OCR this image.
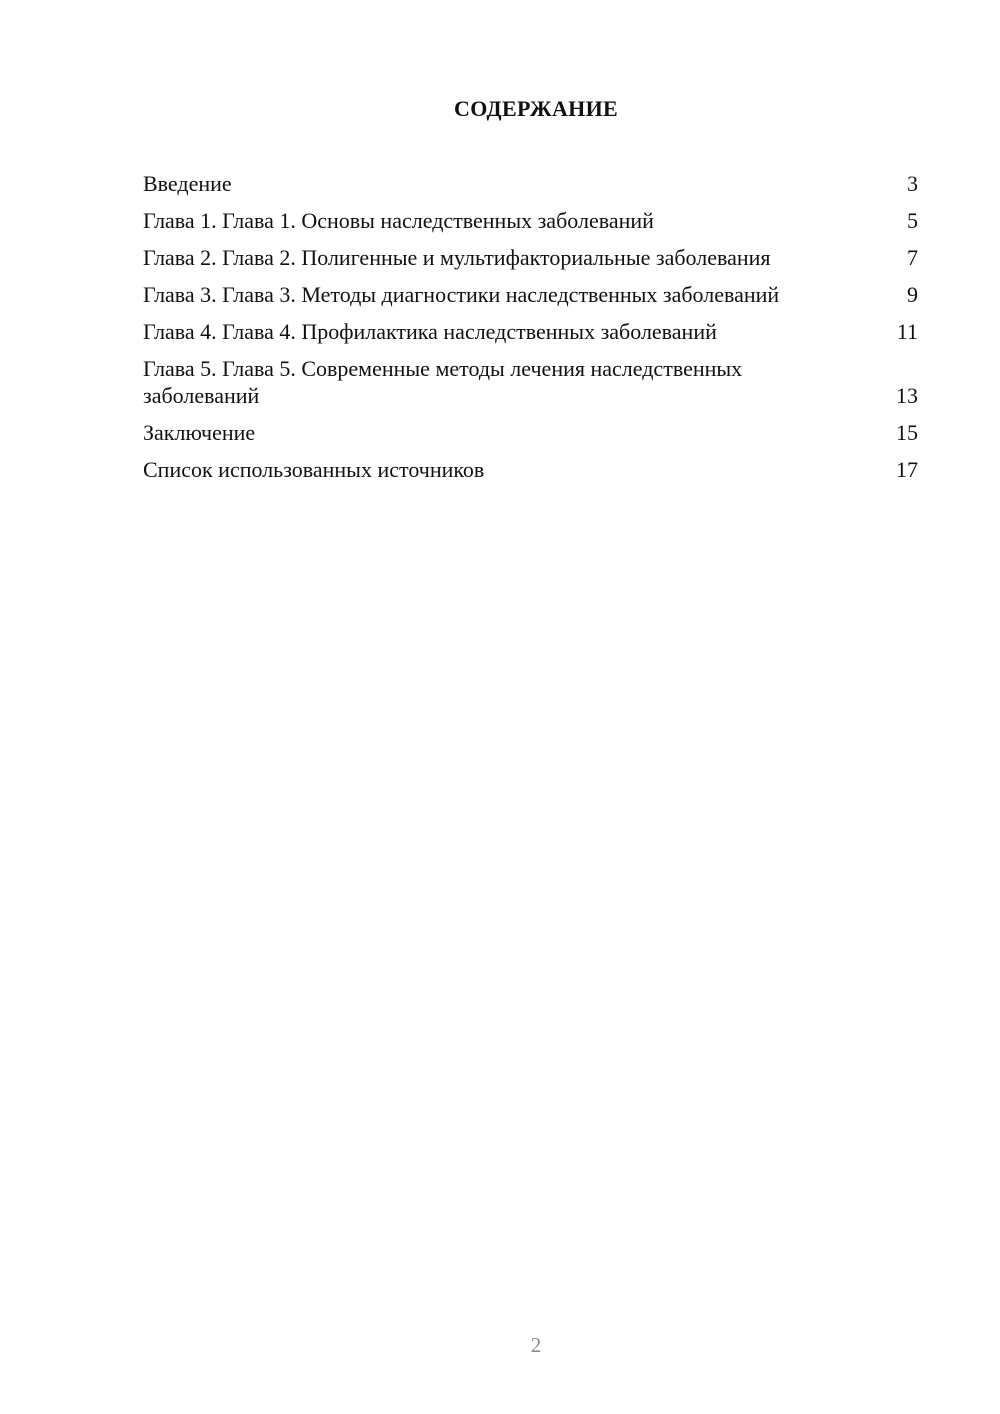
СОДЕРЖАНИЕ
Введение	3
Глава 1. Глава 1. Основы наследственных заболеваний	5
Глава 2. Глава 2. Полигенные и мультифакториальные заболевания	7
Глава 3. Глава 3. Методы диагностики наследственных заболеваний	9
Глава 4. Глава 4. Профилактика наследственных заболеваний	11
Глава 5. Глава 5. Современные методы лечения наследственных заболеваний	13
Заключение	15
Список использованных источников	17
2
